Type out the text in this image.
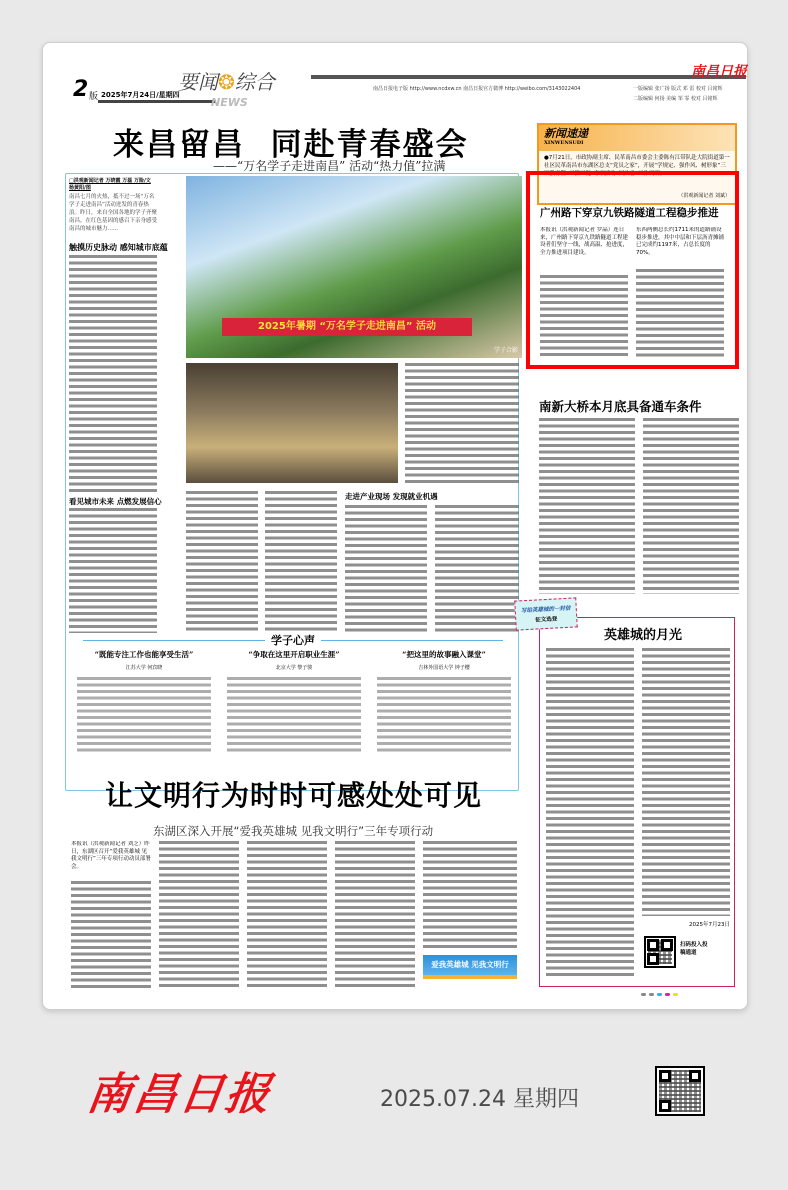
2 版 2025年7月24日/星期四
要闻❂综合
NEWS
南昌日报
南昌日报电子版 http://www.ncdxw.cn 南昌日报官方微博 http://weibo.com/3143022404	一版编辑 张广扬 版式 邓 雷 校对 吕铭辉
二版编辑 何扬 美编 邹 霏 校对 吕铭辉
来昌留昌  同赴青春盛会
——“万名学子走进南昌” 活动“热力值”拉满
□洪观新闻记者 万晓霞 万磊 万险/文 杨黄阳/图
南昌七月的火热，抵不过一场“万名学子走进南昌”活动迸发的青春热浪。昨日，来自全国各地的学子齐聚南昌，在红色基因的感召下亲身感受南昌的城市魅力……
触摸历史脉动 感知城市底蕴
看见城市未来 点燃发展信心
2025年暑期 “万名学子走进南昌” 活动
学子合影
走进产业现场 发现就业机遇
学子心声
“既能专注工作也能享受生活”
江苏大学 何宾晓
“争取在这里开启职业生涯”
北京大学 黎子骏
“把这里的故事融入课堂”
吉林外国语大学 钟子樱
新闻速递
XINWENSUDI
●7月21日，市政协副主席、民革南昌市委会主委陈有江带队赴大院街道第一社区民革南昌市东湖区总支“党员之家”，开展“学规定、强作风、树形象”三顾教育暨“三抓三促”专项活动“回头看”工作调研。
（洪观新闻记者 刘斌）
广州路下穿京九铁路隧道工程稳步推进
本报讯（洪观新闻记者 罗晶）连日来，广州路下穿京九铁路隧道工程建设者们坚守一线，战高温、抢进度，全力推进项目建设。
东西两侧总长约1711米的道路铺设稳步推进，其中中层和下层沥青摊铺已完成约1197米，占总长度的70%。
南新大桥本月底具备通车条件
英雄城的月光
2025年7月23日
扫码投入投稿通道
写给英雄城的一封信
征文选登
让文明行为时时可感处处可见
东湖区深入开展“爱我英雄城 见我文明行”三年专项行动
本报讯（洪观新闻记者 刘芝）昨日，东湖区召开“爱我英雄城 见我文明行”三年专项行动动员部署会。
爱我英雄城 见我文明行
南昌日报	2025.07.24 星期四
